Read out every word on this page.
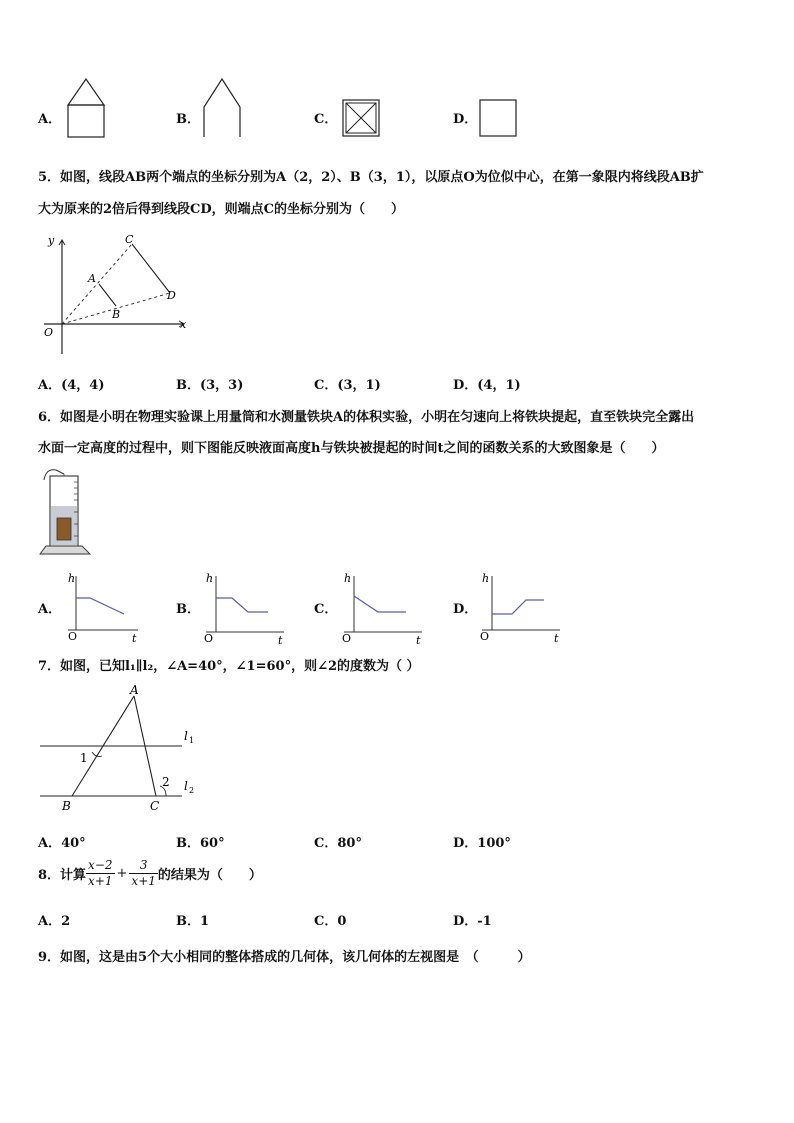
A．	B．	C．	D．
5．如图，线段AB两个端点的坐标分别为A（2，2）、B（3，1），以原点O为位似中心，在第一象限内将线段AB扩
大为原来的2倍后得到线段CD，则端点C的坐标分别为（　　）
y
x
O
A
B
C
D
A．(4，4)	B．(3，3)	C．(3，1)	D．(4，1)
6．如图是小明在物理实验课上用量筒和水测量铁块A的体积实验，小明在匀速向上将铁块提起，直至铁块完全露出
水面一定高度的过程中，则下图能反映液面高度h与铁块被提起的时间t之间的函数关系的大致图象是（　　）
A．
h
t
O
B．
h
t
O
C．
h
t
O
D．
h
t
O
7．如图，已知l₁∥l₂，∠A=40°，∠1=60°，则∠2的度数为（ ）
A
B	C
1
2
l 1
l 2
A．40°	B．60°	C．80°	D．100°
8．计算 $\frac{x-2}{x+1} + \frac{3}{x+1}$ 的结果为（　　）
A．2	B．1	C．0	D．-1
9．如图，这是由5个大小相同的整体搭成的几何体，该几何体的左视图是　（　　　）
